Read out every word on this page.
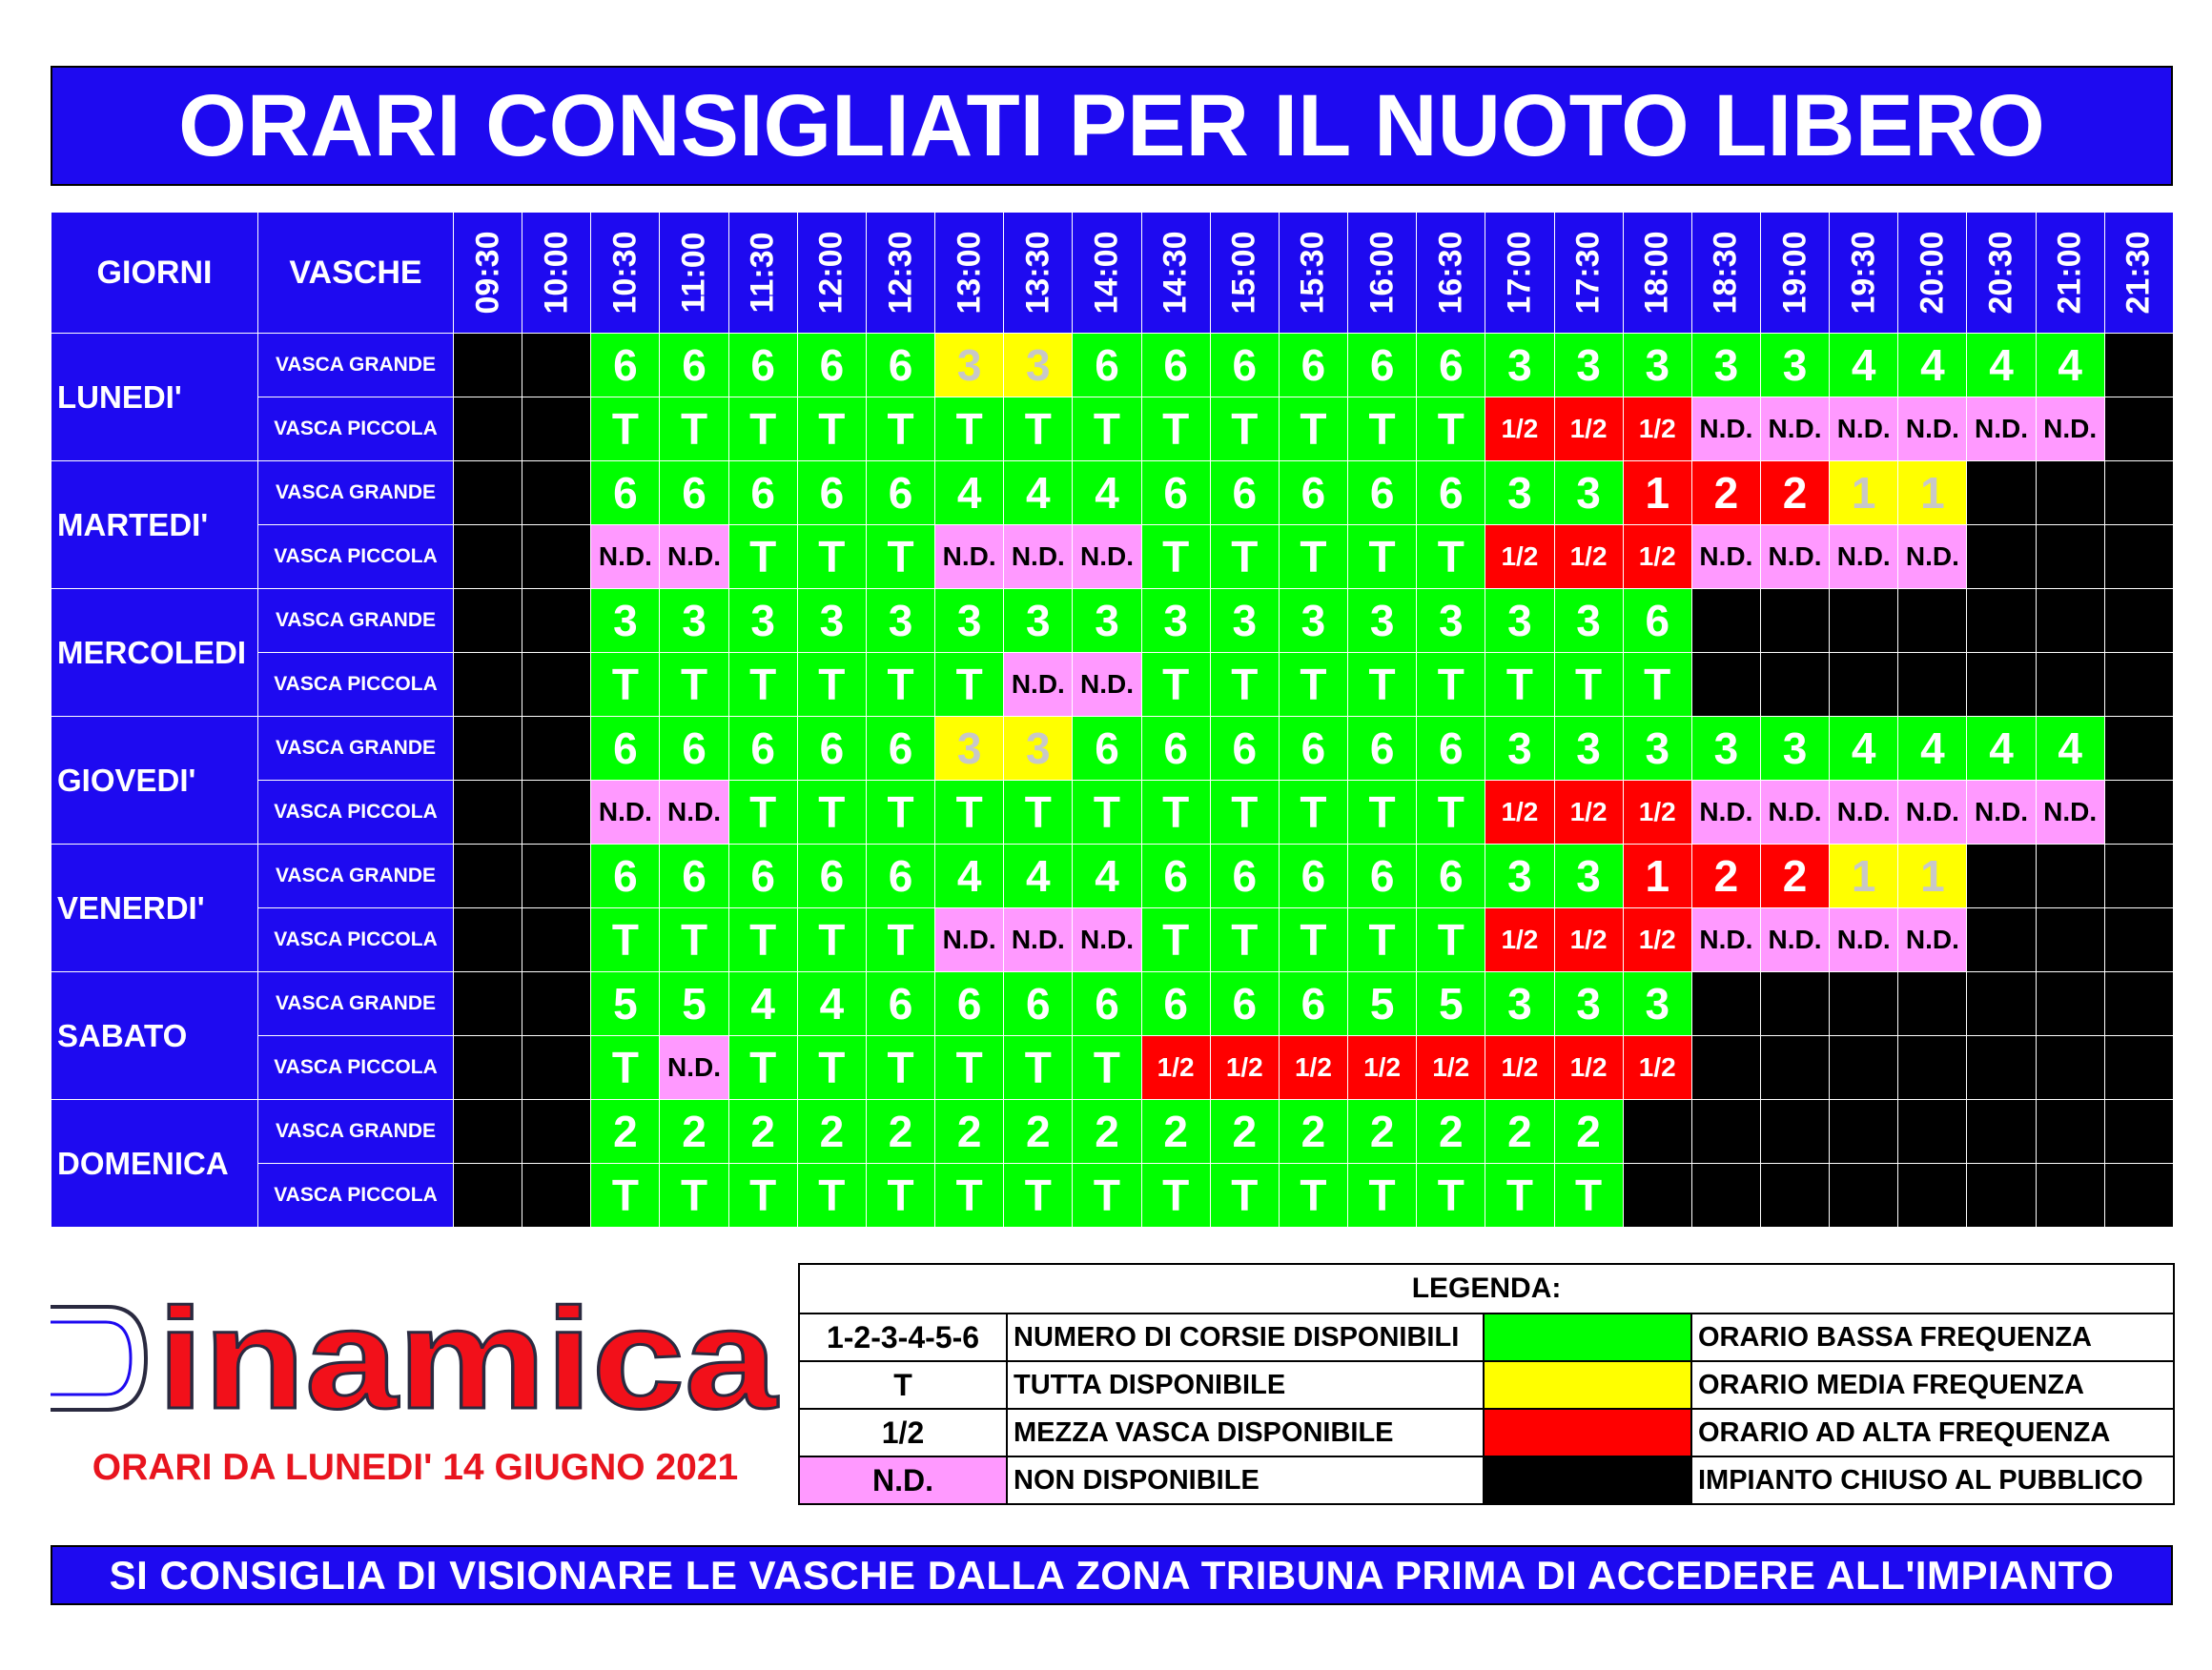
ORARI CONSIGLIATI PER IL NUOTO LIBERO
GIORNI	VASCHE	09:30	10:00	10:30	11:00	11:30	12:00	12:30	13:00	13:30	14:00	14:30	15:00	15:30	16:00	16:30	17:00	17:30	18:00	18:30	19:00	19:30	20:00	20:30	21:00	21:30

LUNEDI'	VASCA GRANDE			6	6	6	6	6	3	3	6	6	6	6	6	6	3	3	3	3	3	4	4	4	4	
	VASCA PICCOLA			T	T	T	T	T	T	T	T	T	T	T	T	T	1/2	1/2	1/2	N.D.	N.D.	N.D.	N.D.	N.D.	N.D.	
MARTEDI'	VASCA GRANDE			6	6	6	6	6	4	4	4	6	6	6	6	6	3	3	1	2	2	1	1			
	VASCA PICCOLA			N.D.	N.D.	T	T	T	N.D.	N.D.	N.D.	T	T	T	T	T	1/2	1/2	1/2	N.D.	N.D.	N.D.	N.D.			
MERCOLEDI	VASCA GRANDE			3	3	3	3	3	3	3	3	3	3	3	3	3	3	3	6							
	VASCA PICCOLA			T	T	T	T	T	T	N.D.	N.D.	T	T	T	T	T	T	T	T							
GIOVEDI'	VASCA GRANDE			6	6	6	6	6	3	3	6	6	6	6	6	6	3	3	3	3	3	4	4	4	4	
	VASCA PICCOLA			N.D.	N.D.	T	T	T	T	T	T	T	T	T	T	T	1/2	1/2	1/2	N.D.	N.D.	N.D.	N.D.	N.D.	N.D.	
VENERDI'	VASCA GRANDE			6	6	6	6	6	4	4	4	6	6	6	6	6	3	3	1	2	2	1	1			
	VASCA PICCOLA			T	T	T	T	T	N.D.	N.D.	N.D.	T	T	T	T	T	1/2	1/2	1/2	N.D.	N.D.	N.D.	N.D.			
SABATO	VASCA GRANDE			5	5	4	4	6	6	6	6	6	6	6	5	5	3	3	3							
	VASCA PICCOLA			T	N.D.	T	T	T	T	T	T	1/2	1/2	1/2	1/2	1/2	1/2	1/2	1/2							
DOMENICA	VASCA GRANDE			2	2	2	2	2	2	2	2	2	2	2	2	2	2	2								
	VASCA PICCOLA			T	T	T	T	T	T	T	T	T	T	T	T	T	T	T								
inamica
ORARI DA LUNEDI' 14 GIUGNO 2021
LEGENDA:			
1-2-3-4-5-6	NUMERO DI CORSIE DISPONIBILI		ORARIO BASSA FREQUENZA
T	TUTTA DISPONIBILE		ORARIO MEDIA FREQUENZA
1/2	MEZZA VASCA DISPONIBILE		ORARIO AD ALTA FREQUENZA
N.D.	NON DISPONIBILE		IMPIANTO CHIUSO AL PUBBLICO
SI CONSIGLIA DI VISIONARE LE VASCHE DALLA ZONA TRIBUNA PRIMA DI ACCEDERE ALL'IMPIANTO
